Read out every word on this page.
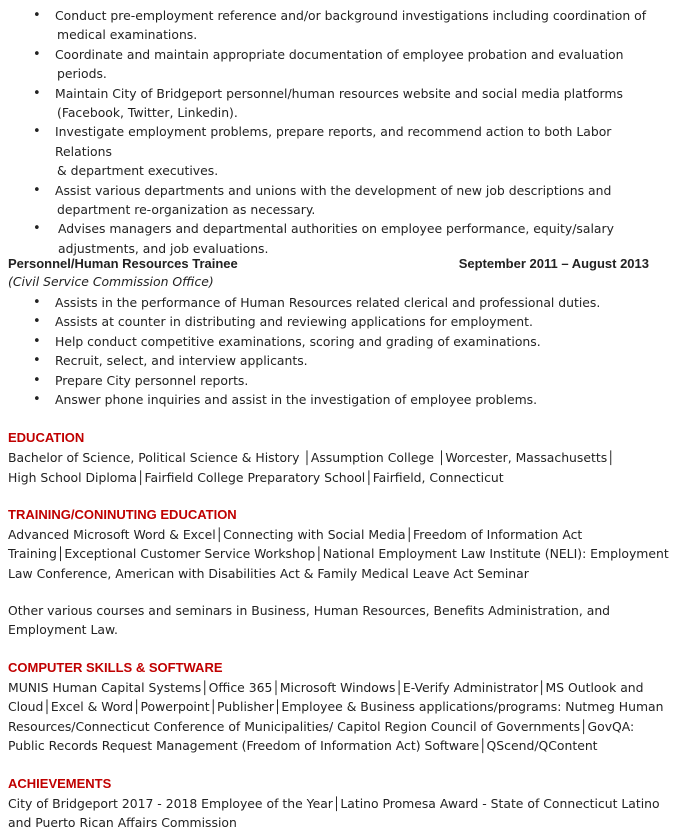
• Conduct pre-employment reference and/or background investigations including coordination of
medical examinations.
• Coordinate and maintain appropriate documentation of employee probation and evaluation
periods.
• Maintain City of Bridgeport personnel/human resources website and social media platforms
(Facebook, Twitter, Linkedin).
• Investigate employment problems, prepare reports, and recommend action to both Labor Relations
& department executives.
• Assist various departments and unions with the development of new job descriptions and
department re-organization as necessary.
• Advises managers and departmental authorities on employee performance, equity/salary
adjustments, and job evaluations.
Personnel/Human Resources Trainee	September 2011 – August 2013
(Civil Service Commission Office)
• Assists in the performance of Human Resources related clerical and professional duties.
• Assists at counter in distributing and reviewing applications for employment.
• Help conduct competitive examinations, scoring and grading of examinations.
• Recruit, select, and interview applicants.
• Prepare City personnel reports.
• Answer phone inquiries and assist in the investigation of employee problems.
EDUCATION
Bachelor of Science, Political Science & History │Assumption College │Worcester, Massachusetts│
High School Diploma│Fairfield College Preparatory School│Fairfield, Connecticut
TRAINING/CONINUTING EDUCATION
Advanced Microsoft Word & Excel│Connecting with Social Media│Freedom of Information Act
Training│Exceptional Customer Service Workshop│National Employment Law Institute (NELI): Employment
Law Conference, American with Disabilities Act & Family Medical Leave Act Seminar
Other various courses and seminars in Business, Human Resources, Benefits Administration, and
Employment Law.
COMPUTER SKILLS & SOFTWARE
MUNIS Human Capital Systems│Office 365│Microsoft Windows│E-Verify Administrator│MS Outlook and
Cloud│Excel & Word│Powerpoint│Publisher│Employee & Business applications/programs: Nutmeg Human
Resources/Connecticut Conference of Municipalities/ Capitol Region Council of Governments│GovQA:
Public Records Request Management (Freedom of Information Act) Software│QScend/QContent
ACHIEVEMENTS
City of Bridgeport 2017 - 2018 Employee of the Year│Latino Promesa Award - State of Connecticut Latino
and Puerto Rican Affairs Commission
